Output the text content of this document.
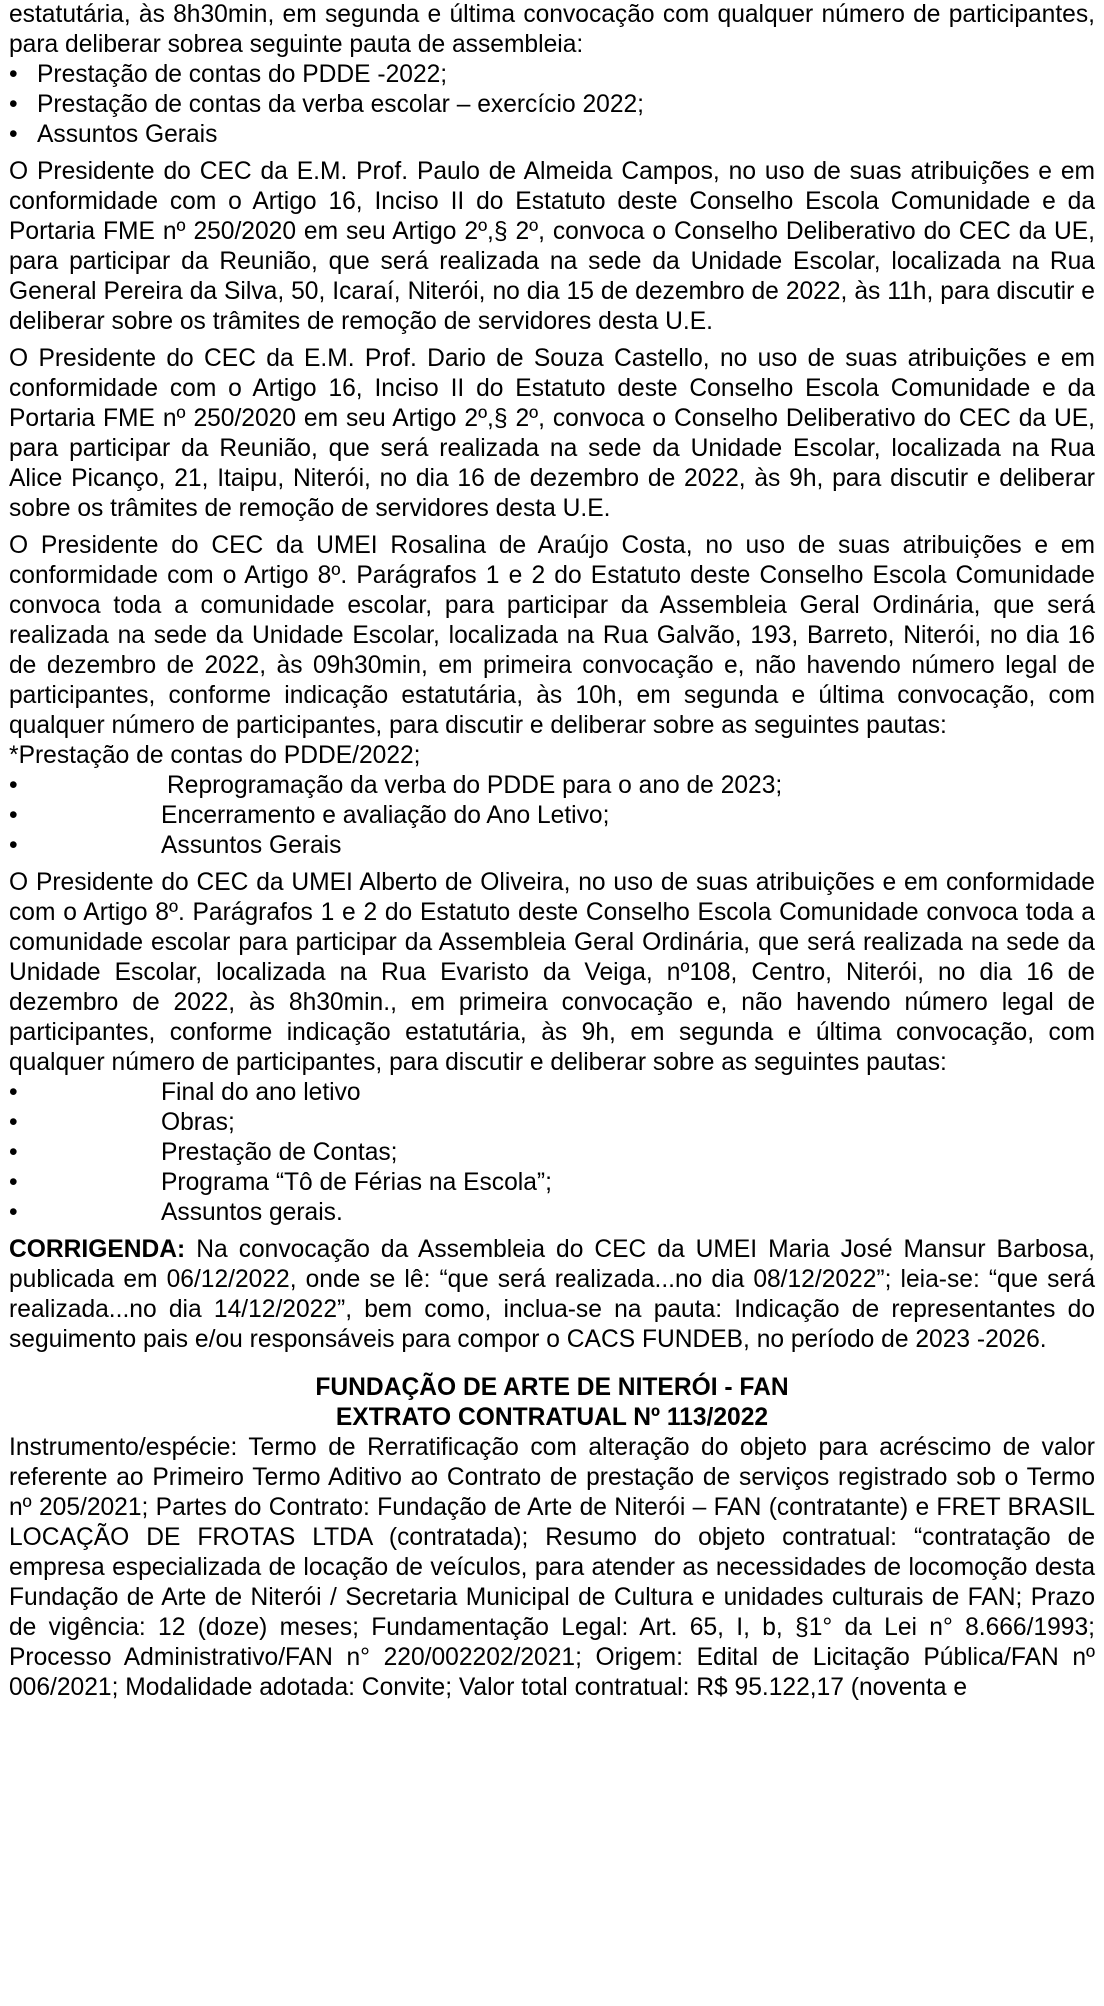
estatutária, às 8h30min, em segunda e última convocação com qualquer número de participantes, para deliberar sobrea seguinte pauta de assembleia:

• Prestação de contas do PDDE -2022;
• Prestação de contas da verba escolar – exercício 2022;
• Assuntos Gerais

O Presidente do CEC da E.M. Prof. Paulo de Almeida Campos, no uso de suas atribuições e em conformidade com o Artigo 16, Inciso II do Estatuto deste Conselho Escola Comunidade e da Portaria FME nº 250/2020 em seu Artigo 2º,§ 2º, convoca o Conselho Deliberativo do CEC da UE, para participar da Reunião, que será realizada na sede da Unidade Escolar, localizada na Rua General Pereira da Silva, 50, Icaraí, Niterói, no dia 15 de dezembro de 2022, às 11h, para discutir e deliberar sobre os trâmites de remoção de servidores desta U.E.

O Presidente do CEC da E.M. Prof. Dario de Souza Castello, no uso de suas atribuições e em conformidade com o Artigo 16, Inciso II do Estatuto deste Conselho Escola Comunidade e da Portaria FME nº 250/2020 em seu Artigo 2º,§ 2º, convoca o Conselho Deliberativo do CEC da UE, para participar da Reunião, que será realizada na sede da Unidade Escolar, localizada na Rua Alice Picanço, 21, Itaipu, Niterói, no dia 16 de dezembro de 2022, às 9h, para discutir e deliberar sobre os trâmites de remoção de servidores desta U.E.

O Presidente do CEC da UMEI Rosalina de Araújo Costa, no uso de suas atribuições e em conformidade com o Artigo 8º. Parágrafos 1 e 2 do Estatuto deste Conselho Escola Comunidade convoca toda a comunidade escolar, para participar da Assembleia Geral Ordinária, que será realizada na sede da Unidade Escolar, localizada na Rua Galvão, 193, Barreto, Niterói, no dia 16 de dezembro de 2022, às 09h30min, em primeira convocação e, não havendo número legal de participantes, conforme indicação estatutária, às 10h, em segunda e última convocação, com qualquer número de participantes, para discutir e deliberar sobre as seguintes pautas:

*Prestação de contas do PDDE/2022;

•	Reprogramação da verba do PDDE para o ano de 2023;
•	Encerramento e avaliação do Ano Letivo;
•	Assuntos Gerais

O Presidente do CEC da UMEI Alberto de Oliveira, no uso de suas atribuições e em conformidade com o Artigo 8º. Parágrafos 1 e 2 do Estatuto deste Conselho Escola Comunidade convoca toda a comunidade escolar para participar da Assembleia Geral Ordinária, que será realizada na sede da Unidade Escolar, localizada na Rua Evaristo da Veiga, nº108, Centro, Niterói, no dia 16 de dezembro de 2022, às 8h30min., em primeira convocação e, não havendo número legal de participantes, conforme indicação estatutária, às 9h, em segunda e última convocação, com qualquer número de participantes, para discutir e deliberar sobre as seguintes pautas:

•	Final do ano letivo
•	Obras;
•	Prestação de Contas;
•	Programa “Tô de Férias na Escola”;
•	Assuntos gerais.

CORRIGENDA: Na convocação da Assembleia do CEC da UMEI Maria José Mansur Barbosa, publicada em 06/12/2022, onde se lê: “que será realizada...no dia 08/12/2022”; leia-se: “que será realizada...no dia 14/12/2022”, bem como, inclua-se na pauta: Indicação de representantes do seguimento pais e/ou responsáveis para compor o CACS FUNDEB, no período de 2023 -2026.

FUNDAÇÃO DE ARTE DE NITERÓI - FAN

EXTRATO CONTRATUAL Nº 113/2022

Instrumento/espécie: Termo de Rerratificação com alteração do objeto para acréscimo de valor referente ao Primeiro Termo Aditivo ao Contrato de prestação de serviços registrado sob o Termo nº 205/2021; Partes do Contrato: Fundação de Arte de Niterói – FAN (contratante) e FRET BRASIL LOCAÇÃO DE FROTAS LTDA (contratada); Resumo do objeto contratual: “contratação de empresa especializada de locação de veículos, para atender as necessidades de locomoção desta Fundação de Arte de Niterói / Secretaria Municipal de Cultura e unidades culturais de FAN; Prazo de vigência: 12 (doze) meses; Fundamentação Legal: Art. 65, I, b, §1° da Lei n° 8.666/1993; Processo Administrativo/FAN n° 220/002202/2021; Origem: Edital de Licitação Pública/FAN nº 006/2021; Modalidade adotada: Convite; Valor total contratual: R$ 95.122,17 (noventa e
